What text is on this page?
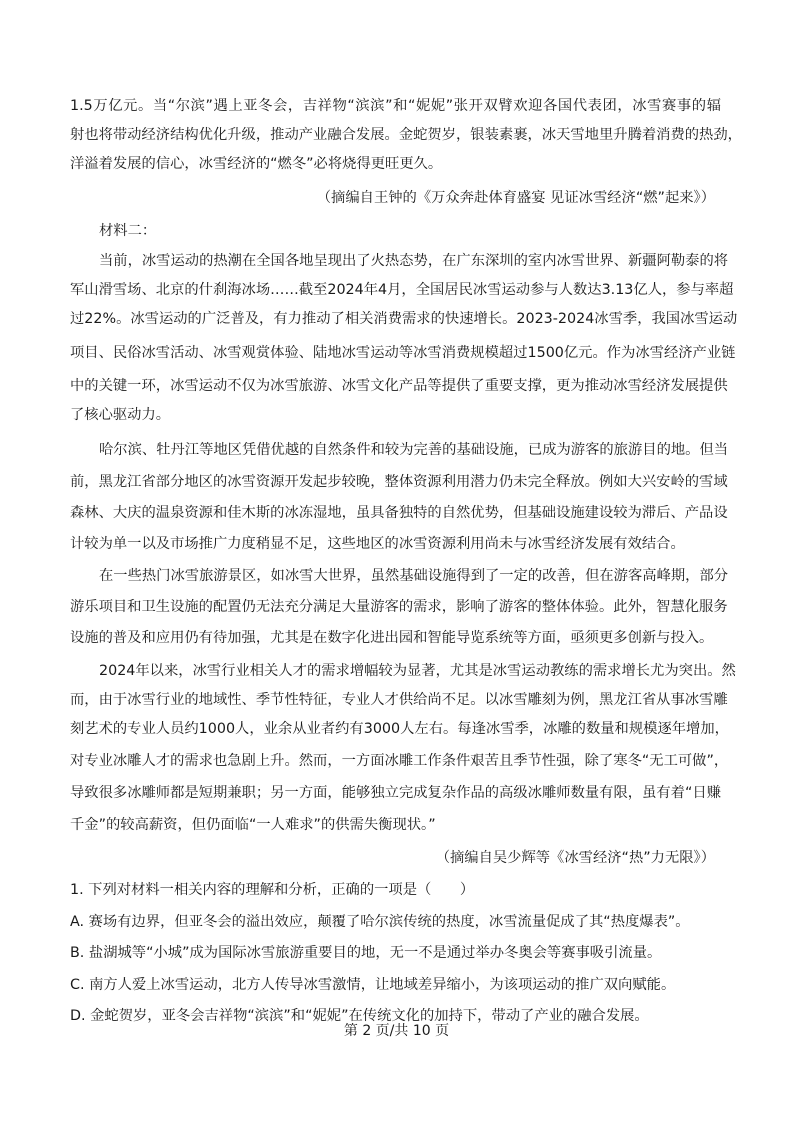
1.5万亿元。当“尔滨”遇上亚冬会，吉祥物“滨滨”和“妮妮”张开双臂欢迎各国代表团，冰雪赛事的辐
射也将带动经济结构优化升级，推动产业融合发展。金蛇贺岁，银装素裹，冰天雪地里升腾着消费的热劲，
洋溢着发展的信心，冰雪经济的“燃冬”必将烧得更旺更久。
（摘编自王钟的《万众奔赴体育盛宴 见证冰雪经济“燃”起来》）
材料二：
当前，冰雪运动的热潮在全国各地呈现出了火热态势，在广东深圳的室内冰雪世界、新疆阿勒泰的将
军山滑雪场、北京的什刹海冰场……截至2024年4月，全国居民冰雪运动参与人数达3.13亿人，参与率超
过22%。冰雪运动的广泛普及，有力推动了相关消费需求的快速增长。2023-2024冰雪季，我国冰雪运动
项目、民俗冰雪活动、冰雪观赏体验、陆地冰雪运动等冰雪消费规模超过1500亿元。作为冰雪经济产业链
中的关键一环，冰雪运动不仅为冰雪旅游、冰雪文化产品等提供了重要支撑，更为推动冰雪经济发展提供
了核心驱动力。
哈尔滨、牡丹江等地区凭借优越的自然条件和较为完善的基础设施，已成为游客的旅游目的地。但当
前，黑龙江省部分地区的冰雪资源开发起步较晚，整体资源利用潜力仍未完全释放。例如大兴安岭的雪域
森林、大庆的温泉资源和佳木斯的冰冻湿地，虽具备独特的自然优势，但基础设施建设较为滞后、产品设
计较为单一以及市场推广力度稍显不足，这些地区的冰雪资源利用尚未与冰雪经济发展有效结合。
在一些热门冰雪旅游景区，如冰雪大世界，虽然基础设施得到了一定的改善，但在游客高峰期，部分
游乐项目和卫生设施的配置仍无法充分满足大量游客的需求，影响了游客的整体体验。此外，智慧化服务
设施的普及和应用仍有待加强，尤其是在数字化进出园和智能导览系统等方面，亟须更多创新与投入。
2024年以来，冰雪行业相关人才的需求增幅较为显著，尤其是冰雪运动教练的需求增长尤为突出。然
而，由于冰雪行业的地域性、季节性特征，专业人才供给尚不足。以冰雪雕刻为例，黑龙江省从事冰雪雕
刻艺术的专业人员约1000人，业余从业者约有3000人左右。每逢冰雪季，冰雕的数量和规模逐年增加，
对专业冰雕人才的需求也急剧上升。然而，一方面冰雕工作条件艰苦且季节性强，除了寒冬“无工可做”，
导致很多冰雕师都是短期兼职；另一方面，能够独立完成复杂作品的高级冰雕师数量有限，虽有着“日赚
千金”的较高薪资，但仍面临“一人难求”的供需失衡现状。”
（摘编自吴少辉等《冰雪经济“热”力无限》）
1. 下列对材料一相关内容的理解和分析，正确的一项是（　　）
A. 赛场有边界，但亚冬会的溢出效应，颠覆了哈尔滨传统的热度，冰雪流量促成了其“热度爆表”。
B. 盐湖城等“小城”成为国际冰雪旅游重要目的地，无一不是通过举办冬奥会等赛事吸引流量。
C. 南方人爱上冰雪运动，北方人传导冰雪激情，让地域差异缩小，为该项运动的推广双向赋能。
D. 金蛇贺岁，亚冬会吉祥物“滨滨”和“妮妮”在传统文化的加持下，带动了产业的融合发展。
第 2 页/共 10 页
